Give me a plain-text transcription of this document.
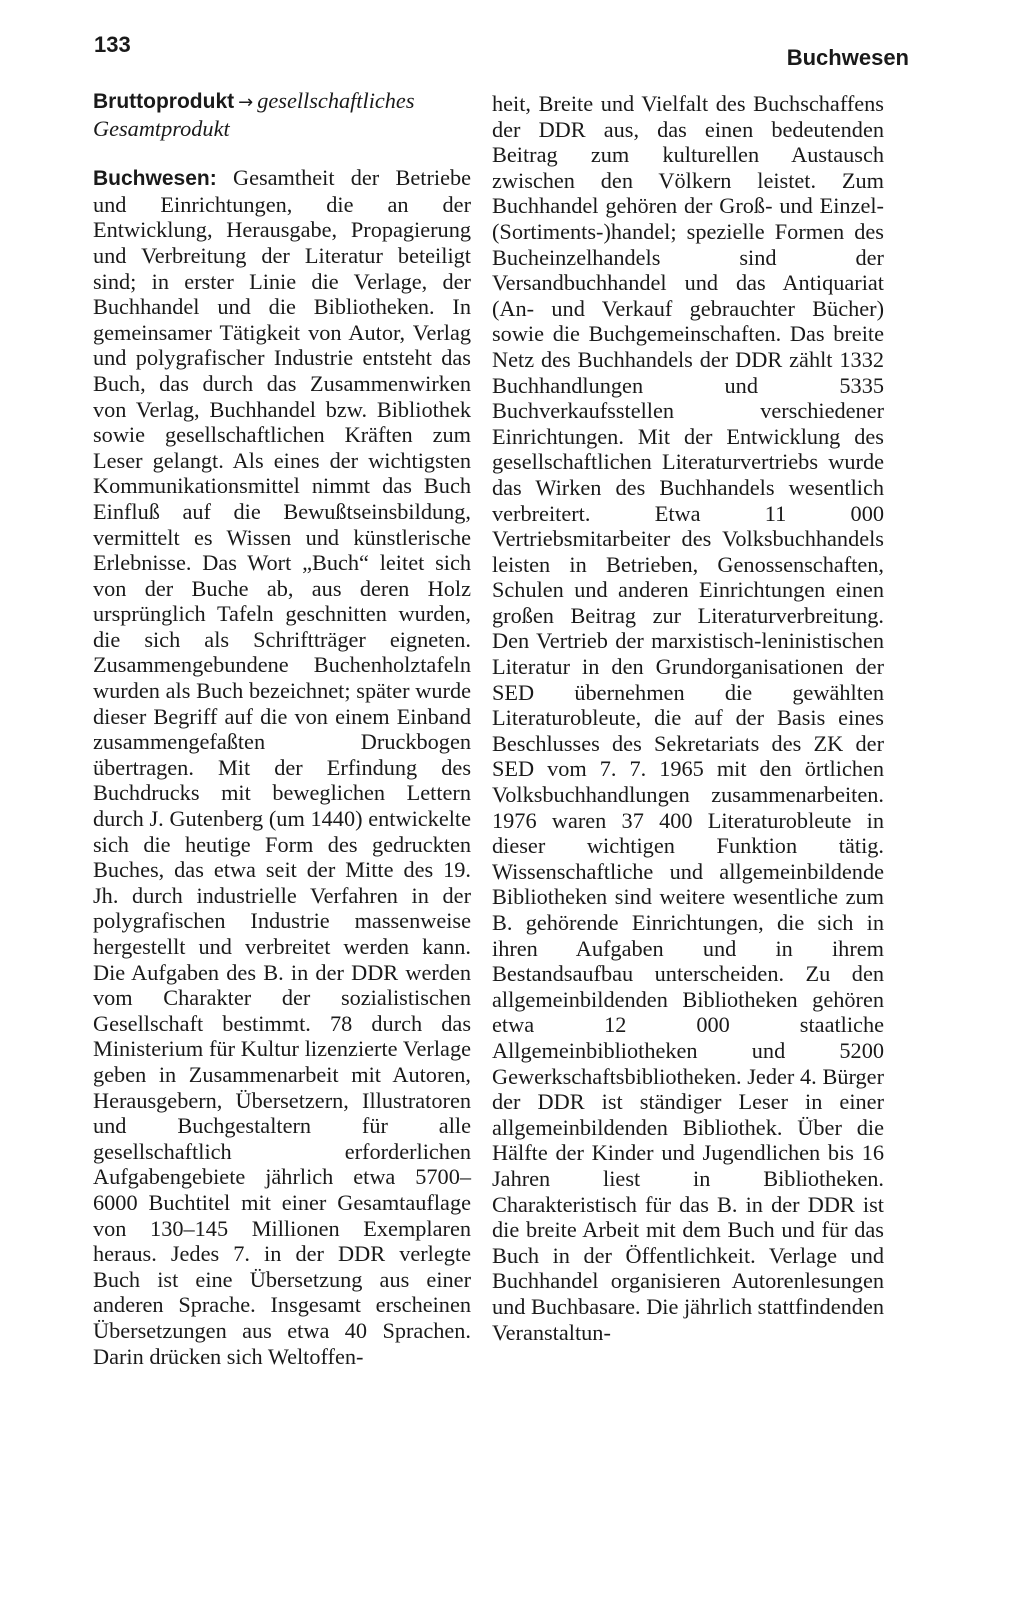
133
Buchwesen

Bruttoprodukt → gesellschaftliches Gesamtprodukt

Buchwesen: Gesamtheit der Betriebe und Einrichtungen, die an der Entwicklung, Herausgabe, Propagierung und Verbreitung der Literatur beteiligt sind; in erster Linie die Verlage, der Buchhandel und die Bibliotheken. In gemeinsamer Tätigkeit von Autor, Verlag und polygrafischer Industrie entsteht das Buch, das durch das Zusammenwirken von Verlag, Buchhandel bzw. Bibliothek sowie gesellschaftlichen Kräften zum Leser gelangt. Als eines der wichtigsten Kommunikationsmittel nimmt das Buch Einfluß auf die Bewußtseinsbildung, vermittelt es Wissen und künstlerische Erlebnisse. Das Wort „Buch“ leitet sich von der Buche ab, aus deren Holz ursprünglich Tafeln geschnitten wurden, die sich als Schriftträger eigneten. Zusammengebundene Buchenholztafeln wurden als Buch bezeichnet; später wurde dieser Begriff auf die von einem Einband zusammengefaßten Druckbogen übertragen. Mit der Erfindung des Buchdrucks mit beweglichen Lettern durch J. Gutenberg (um 1440) entwickelte sich die heutige Form des gedruckten Buches, das etwa seit der Mitte des 19. Jh. durch industrielle Verfahren in der polygrafischen Industrie massenweise hergestellt und verbreitet werden kann. Die Aufgaben des B. in der DDR werden vom Charakter der sozialistischen Gesellschaft bestimmt. 78 durch das Ministerium für Kultur lizenzierte Verlage geben in Zusammenarbeit mit Autoren, Herausgebern, Übersetzern, Illustratoren und Buchgestaltern für alle gesellschaftlich erforderlichen Aufgabengebiete jährlich etwa 5700–6000 Buchtitel mit einer Gesamtauflage von 130–145 Millionen Exemplaren heraus. Jedes 7. in der DDR verlegte Buch ist eine Übersetzung aus einer anderen Sprache. Insgesamt erscheinen Übersetzungen aus etwa 40 Sprachen. Darin drücken sich Weltoffen-

heit, Breite und Vielfalt des Buchschaffens der DDR aus, das einen bedeutenden Beitrag zum kulturellen Austausch zwischen den Völkern leistet. Zum Buchhandel gehören der Groß- und Einzel-(Sortiments-)handel; spezielle Formen des Bucheinzelhandels sind der Versandbuchhandel und das Antiquariat (An- und Verkauf gebrauchter Bücher) sowie die Buchgemeinschaften. Das breite Netz des Buchhandels der DDR zählt 1332 Buchhandlungen und 5335 Buchverkaufsstellen verschiedener Einrichtungen. Mit der Entwicklung des gesellschaftlichen Literaturvertriebs wurde das Wirken des Buchhandels wesentlich verbreitert. Etwa 11 000 Vertriebsmitarbeiter des Volksbuchhandels leisten in Betrieben, Genossenschaften, Schulen und anderen Einrichtungen einen großen Beitrag zur Literaturverbreitung. Den Vertrieb der marxistisch-leninistischen Literatur in den Grundorganisationen der SED übernehmen die gewählten Literaturobleute, die auf der Basis eines Beschlusses des Sekretariats des ZK der SED vom 7. 7. 1965 mit den örtlichen Volksbuchhandlungen zusammenarbeiten. 1976 waren 37 400 Literaturobleute in dieser wichtigen Funktion tätig. Wissenschaftliche und allgemeinbildende Bibliotheken sind weitere wesentliche zum B. gehörende Einrichtungen, die sich in ihren Aufgaben und in ihrem Bestandsaufbau unterscheiden. Zu den allgemeinbildenden Bibliotheken gehören etwa 12 000 staatliche Allgemeinbibliotheken und 5200 Gewerkschaftsbibliotheken. Jeder 4. Bürger der DDR ist ständiger Leser in einer allgemeinbildenden Bibliothek. Über die Hälfte der Kinder und Jugendlichen bis 16 Jahren liest in Bibliotheken. Charakteristisch für das B. in der DDR ist die breite Arbeit mit dem Buch und für das Buch in der Öffentlichkeit. Verlage und Buchhandel organisieren Autorenlesungen und Buchbasare. Die jährlich stattfindenden Veranstaltun-
